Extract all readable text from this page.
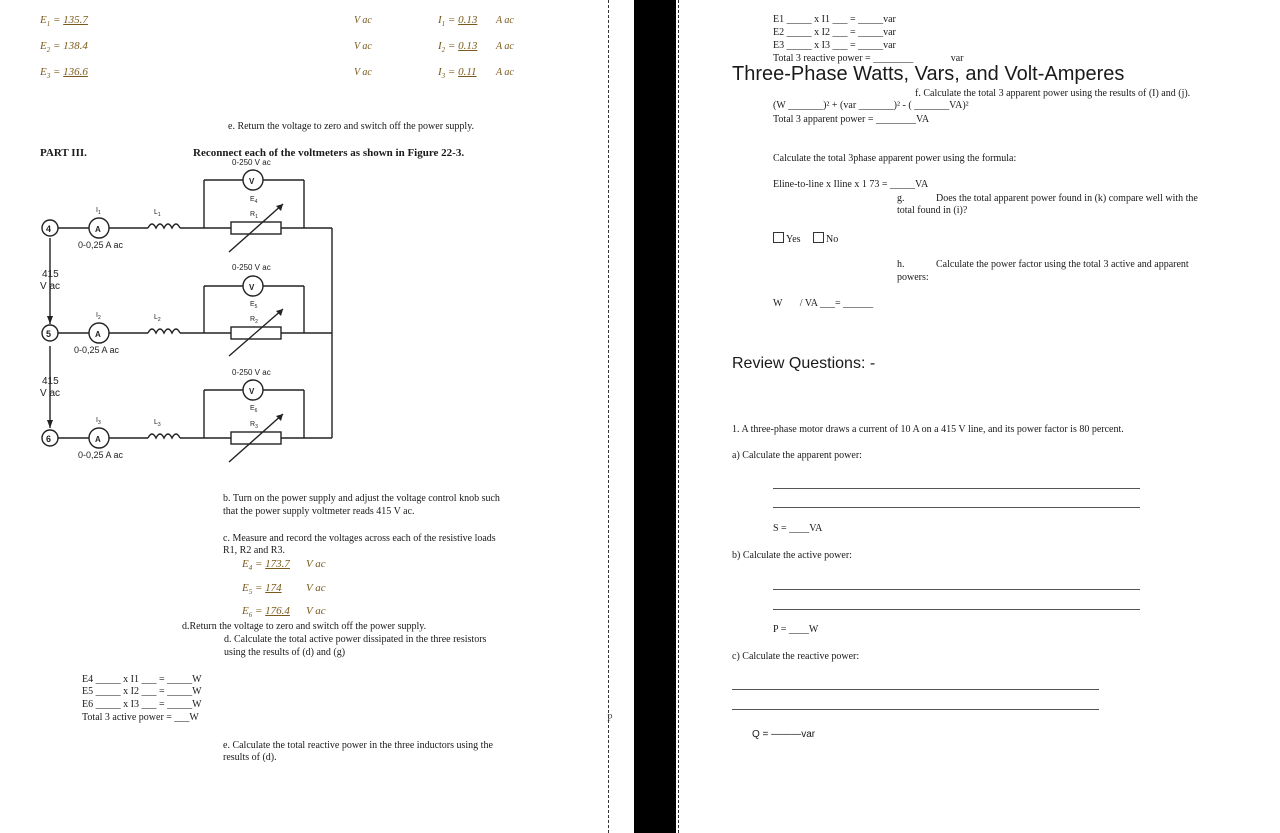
$E_1 = 135.7$	V ac	$I_1 = 0.13$ A ac
$E_2 = 138.4$	V ac	$I_2 = 0.13$ A ac
$E_3 = 136.6$	V ac	$I_3 = 0.11$ A ac
e. Return the voltage to zero and switch off the power supply.
PART III.	Reconnect each of the voltmeters as shown in Figure 22-3.
4
5
6
A
A
A
V
V
V
0-250 V ac
0-250 V ac
0-250 V ac
0-0,25 A ac
0-0,25 A ac
0-0,25 A ac
415
V ac
415
V ac
$I_1$
$I_2$
$I_3$
$L_1$
$L_2$
$L_3$
$E_4$
$E_5$
$E_6$
$R_1$
$R_2$
$R_3$
b. Turn on the power supply and adjust the voltage control knob such
that the power supply voltmeter reads 415 V ac.
c. Measure and record the voltages across each of the resistive loads
R1, R2 and R3.
$E_4 = 173.7$ V ac
$E_5 = 174$ V ac
$E_6 = 176.4$ V ac
d.Return the voltage to zero and switch off the power supply.
d. Calculate the total active power dissipated in the three resistors
using the results of (d) and (g)
E4 _____ x I1 ___ = _____W
E5 _____ x I2 ___ = _____W
E6 _____ x I3 ___ = _____W
Total 3 active power = ___W
e. Calculate the total reactive power in the three inductors using the
results of (d).
P
E1 _____ x I1 ___ = _____var
E2 _____ x I2 ___ = _____var
E3 _____ x I3 ___ = _____var
Total 3 reactive power = ________               var
Three-Phase Watts, Vars, and Volt-Amperes
f. Calculate the total 3 apparent power using the results of (I) and (j).
(W _______)² + (var _______)² - ( _______VA)²
Total 3 apparent power = ________VA
Calculate the total 3phase apparent power using the formula:
Eline-to-line x Iline x 1 73 = _____VA
g.	Does the total apparent power found in (k) compare well with the
total found in (i)?
Yes	No
h.	Calculate the power factor using the total 3 active and apparent
powers:
W / VA ___= ______
Review Questions: -
1. A three-phase motor draws a current of 10 A on a 415 V line, and its power factor is 80 percent.
a) Calculate the apparent power:
S = ____VA
b) Calculate the active power:
P = ____W
c) Calculate the reactive power:
Q = ———var
